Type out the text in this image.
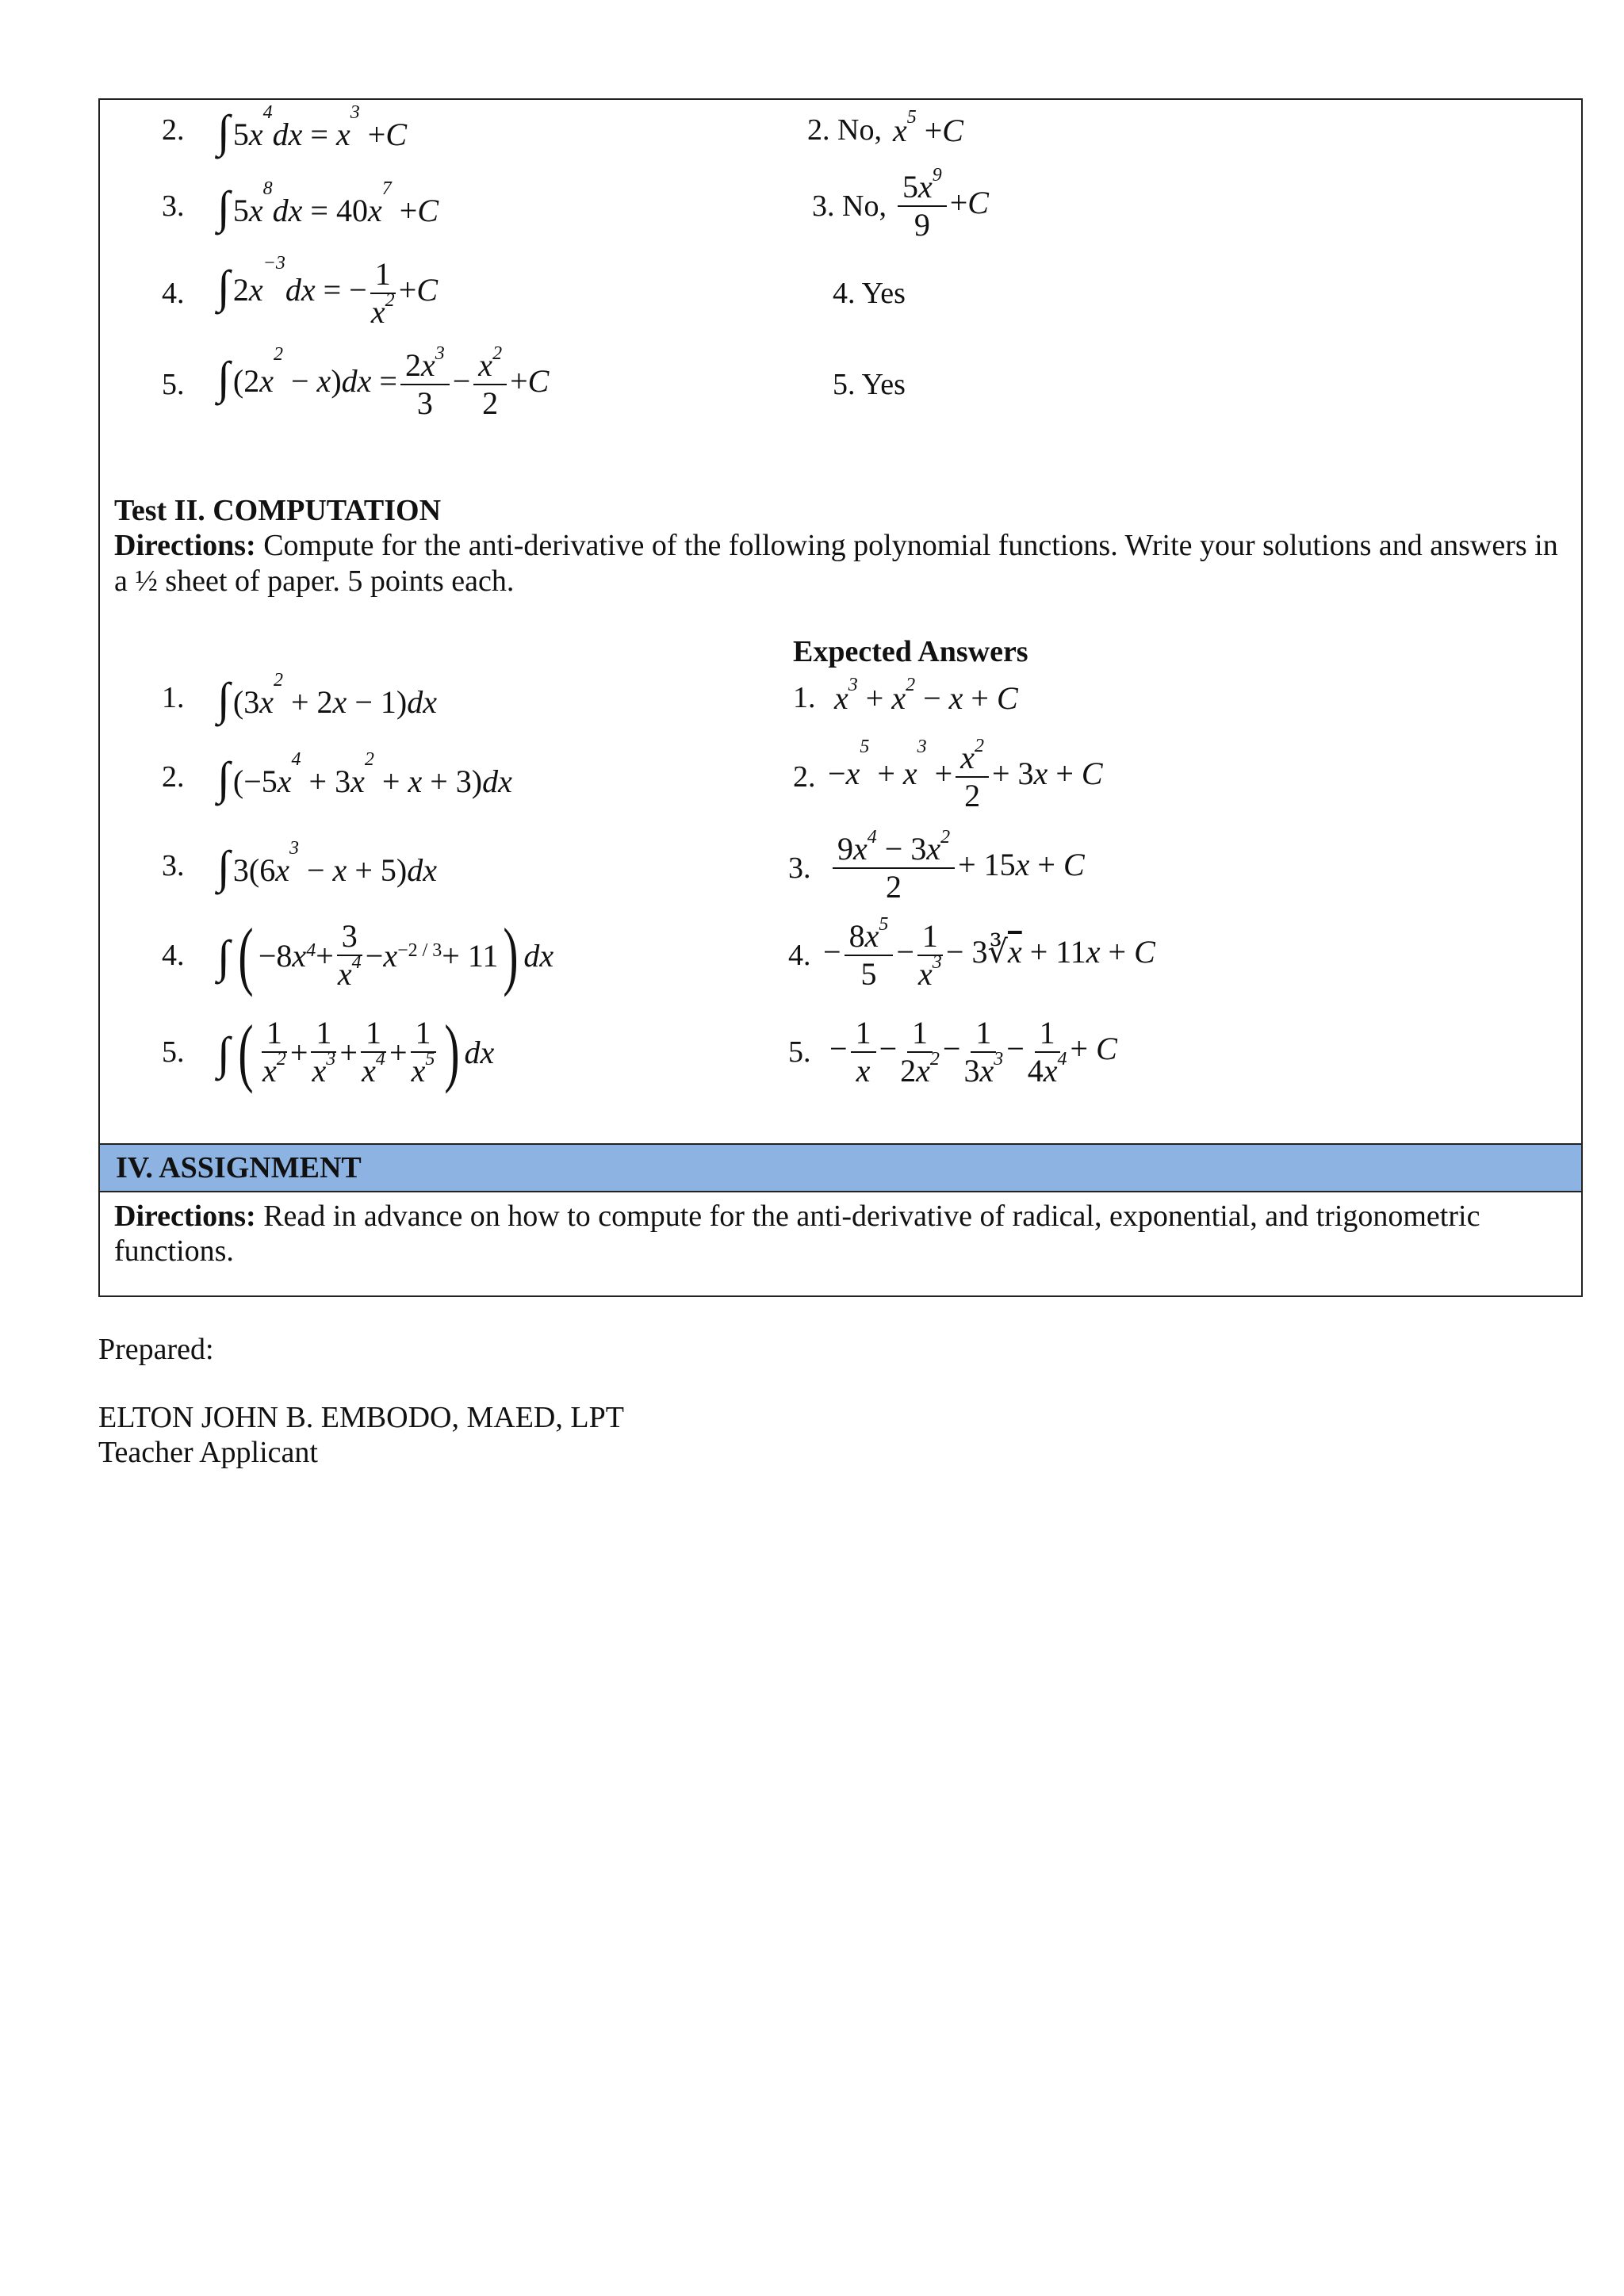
2. ∫ $5x^4dx = x^3 +C$	2. No, $x^5 +C$
3. ∫ $5x^8dx = 40x^7 +C$	3. No, $\frac{5x^9}{9} +C$
4. ∫ $2x^{-3}dx$ = − $\frac{1}{x^2} +C$	4. Yes
5. ∫ $(2x^2 - x)dx = \frac{2x^3}{3} - \frac{x^2}{2} +C$	5. Yes
Test II. COMPUTATION
Directions: Compute for the anti-derivative of the following polynomial functions. Write your solutions and answers in a ½ sheet of paper. 5 points each.
Expected Answers
1. ∫ $(3x^2 + 2x - 1)dx$	1. $x^3 + x^2 - x + C$
2. ∫ $(-5x^4 + 3x^2 + x + 3)dx$	2. $-x^5 + x^3 + \frac{x^2}{2} + 3x + C$
3. ∫ $3(6x^3 - x + 5)dx$	3. $\frac{9x^4 - 3x^2}{2} + 15x + C$
4. ∫ ( −8 $x^4 + \frac{3}{x^4} - x^{-2 / 3} + 11$ ) dx	4. − $\frac{8x^5}{5} - \frac{1}{x^3}$ − $3∛\overline{x} + 11x + C$
5. ∫ ( $\frac{1}{x^2} + \frac{1}{x^3} + \frac{1}{x^4} + \frac{1}{x^5}$ ) dx	5. − $\frac{1}{x} - \frac{1}{2x^2} - \frac{1}{3x^3} - \frac{1}{4x^4} + C$
IV. ASSIGNMENT
Directions: Read in advance on how to compute for the anti-derivative of radical, exponential, and trigonometric functions.
Prepared:
ELTON JOHN B. EMBODO, MAED, LPT
Teacher Applicant
